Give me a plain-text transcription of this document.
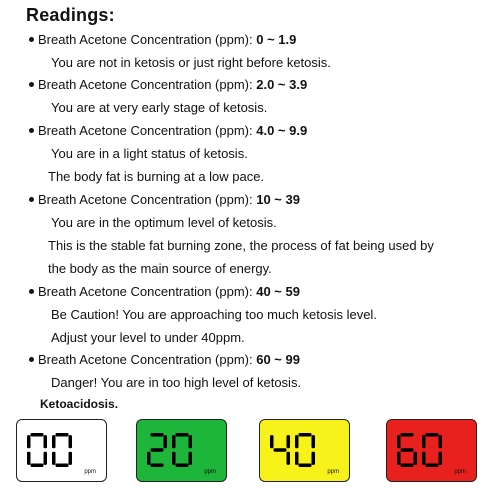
Readings:
Breath Acetone Concentration (ppm): 0 ~ 1.9
You are not in ketosis or just right before ketosis.
Breath Acetone Concentration (ppm): 2.0 ~ 3.9
You are at very early stage of ketosis.
Breath Acetone Concentration (ppm): 4.0 ~ 9.9
You are in a light status of ketosis.
The body fat is burning at a low pace.
Breath Acetone Concentration (ppm): 10 ~ 39
You are in the optimum level of ketosis.
This is the stable fat burning zone, the process of fat being used by
the body as the main source of energy.
Breath Acetone Concentration (ppm): 40 ~ 59
Be Caution! You are approaching too much ketosis level.
Adjust your level to under 40ppm.
Breath Acetone Concentration (ppm): 60 ~ 99
Danger! You are in too high level of ketosis.
Ketoacidosis.
ppm	ppm	ppm	ppm
